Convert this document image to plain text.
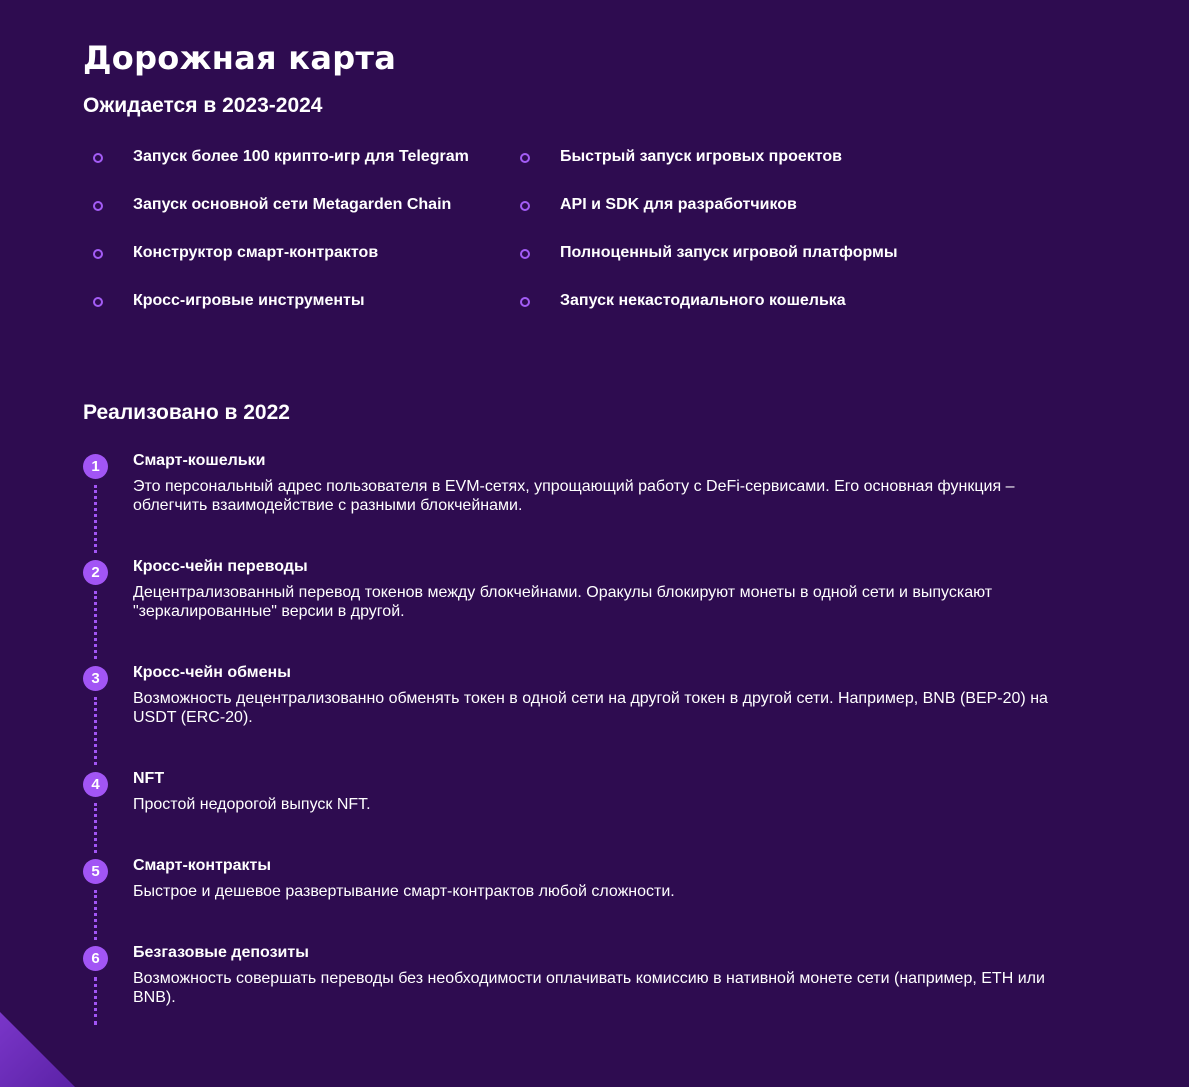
Дорожная карта
Ожидается в 2023-2024
Запуск более 100 крипто-игр для Telegram
Запуск основной сети Metagarden Chain
Конструктор смарт-контрактов
Кросс-игровые инструменты
Быстрый запуск игровых проектов
API и SDK для разработчиков
Полноценный запуск игровой платформы
Запуск некастодиального кошелька
Реализовано в 2022
1	Смарт-кошельки

Это персональный адрес пользователя в EVM-сетях, упрощающий работу с DeFi-сервисами. Его основная функция – облегчить взаимодействие с разными блокчейнами.

2	Кросс-чейн переводы

Децентрализованный перевод токенов между блокчейнами. Оракулы блокируют монеты в одной сети и выпускают "зеркалированные" версии в другой.

3	Кросс-чейн обмены

Возможность децентрализованно обменять токен в одной сети на другой токен в другой сети. Например, BNB (BEP-20) на USDT (ERC-20).

4	NFT

Простой недорогой выпуск NFT.

5	Смарт-контракты

Быстрое и дешевое развертывание смарт-контрактов любой сложности.

6	Безгазовые депозиты

Возможность совершать переводы без необходимости оплачивать комиссию в нативной монете сети (например, ETH или BNB).
